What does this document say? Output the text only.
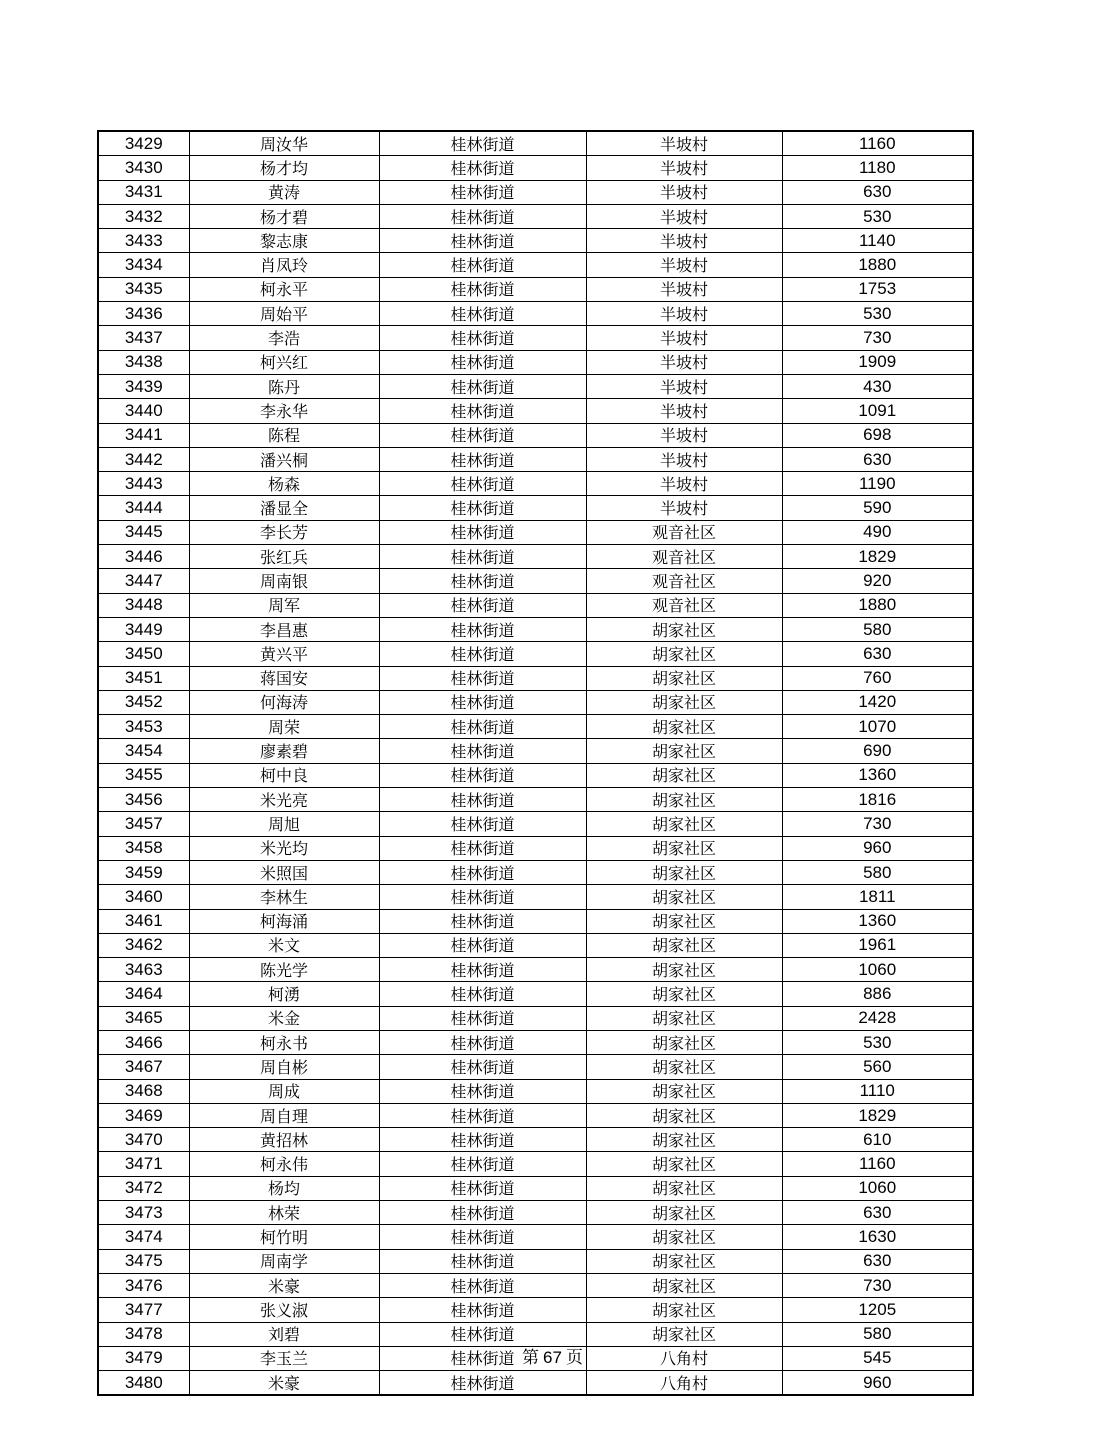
3429	周汝华	桂林街道	半坡村	1160
3430	杨才均	桂林街道	半坡村	1180
3431	黄涛	桂林街道	半坡村	630
3432	杨才碧	桂林街道	半坡村	530
3433	黎志康	桂林街道	半坡村	1140
3434	肖凤玲	桂林街道	半坡村	1880
3435	柯永平	桂林街道	半坡村	1753
3436	周始平	桂林街道	半坡村	530
3437	李浩	桂林街道	半坡村	730
3438	柯兴红	桂林街道	半坡村	1909
3439	陈丹	桂林街道	半坡村	430
3440	李永华	桂林街道	半坡村	1091
3441	陈程	桂林街道	半坡村	698
3442	潘兴桐	桂林街道	半坡村	630
3443	杨森	桂林街道	半坡村	1190
3444	潘显全	桂林街道	半坡村	590
3445	李长芳	桂林街道	观音社区	490
3446	张红兵	桂林街道	观音社区	1829
3447	周南银	桂林街道	观音社区	920
3448	周军	桂林街道	观音社区	1880
3449	李昌惠	桂林街道	胡家社区	580
3450	黄兴平	桂林街道	胡家社区	630
3451	蒋国安	桂林街道	胡家社区	760
3452	何海涛	桂林街道	胡家社区	1420
3453	周荣	桂林街道	胡家社区	1070
3454	廖素碧	桂林街道	胡家社区	690
3455	柯中良	桂林街道	胡家社区	1360
3456	米光亮	桂林街道	胡家社区	1816
3457	周旭	桂林街道	胡家社区	730
3458	米光均	桂林街道	胡家社区	960
3459	米照国	桂林街道	胡家社区	580
3460	李林生	桂林街道	胡家社区	1811
3461	柯海涌	桂林街道	胡家社区	1360
3462	米文	桂林街道	胡家社区	1961
3463	陈光学	桂林街道	胡家社区	1060
3464	柯湧	桂林街道	胡家社区	886
3465	米金	桂林街道	胡家社区	2428
3466	柯永书	桂林街道	胡家社区	530
3467	周自彬	桂林街道	胡家社区	560
3468	周成	桂林街道	胡家社区	1110
3469	周自理	桂林街道	胡家社区	1829
3470	黄招林	桂林街道	胡家社区	610
3471	柯永伟	桂林街道	胡家社区	1160
3472	杨均	桂林街道	胡家社区	1060
3473	林荣	桂林街道	胡家社区	630
3474	柯竹明	桂林街道	胡家社区	1630
3475	周南学	桂林街道	胡家社区	630
3476	米豪	桂林街道	胡家社区	730
3477	张义淑	桂林街道	胡家社区	1205
3478	刘碧	桂林街道	胡家社区	580
3479	李玉兰	桂林街道	八角村	545
3480	米豪	桂林街道	八角村	960
第 67 页
